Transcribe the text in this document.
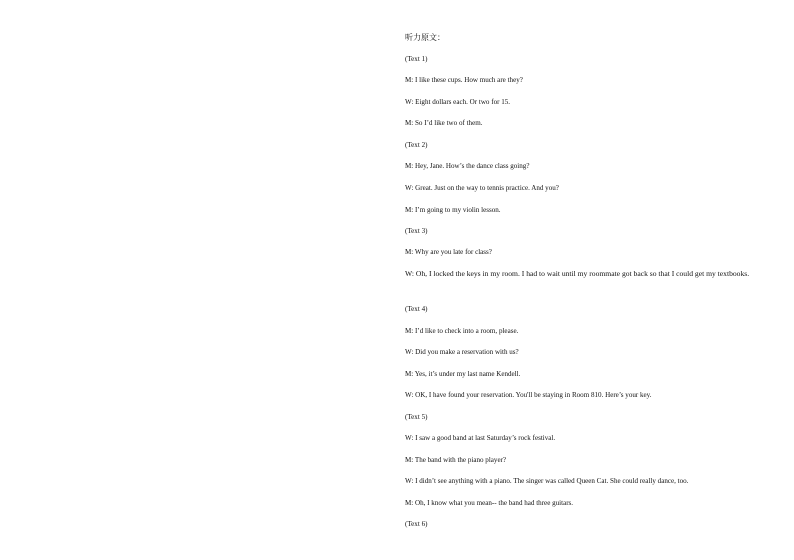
听力原文：

(Text 1)

M: I like these cups. How much are they?

W: Eight dollars each. Or two for 15.

M: So I’d like two of them.

(Text 2)

M: Hey, Jane. How’s the dance class going?

W: Great. Just on the way to tennis practice. And you?

M: I’m going to my violin lesson.

(Text 3)

M: Why are you late for class?

W: Oh, I locked the keys in my room. I had to wait until my roommate got back so that I could get my textbooks.

(Text 4)

M: I’d like to check into a room, please.

W: Did you make a reservation with us?

M: Yes, it’s under my last name Kendell.

W: OK, I have found your reservation. You'll be staying in Room 810. Here’s your key.

(Text 5)

W: I saw a good band at last Saturday’s rock festival.

M: The band with the piano player?

W: I didn’t see anything with a piano. The singer was called Queen Cat. She could really dance, too.

M: Oh, I know what you mean-- the band had three guitars.

(Text 6)
